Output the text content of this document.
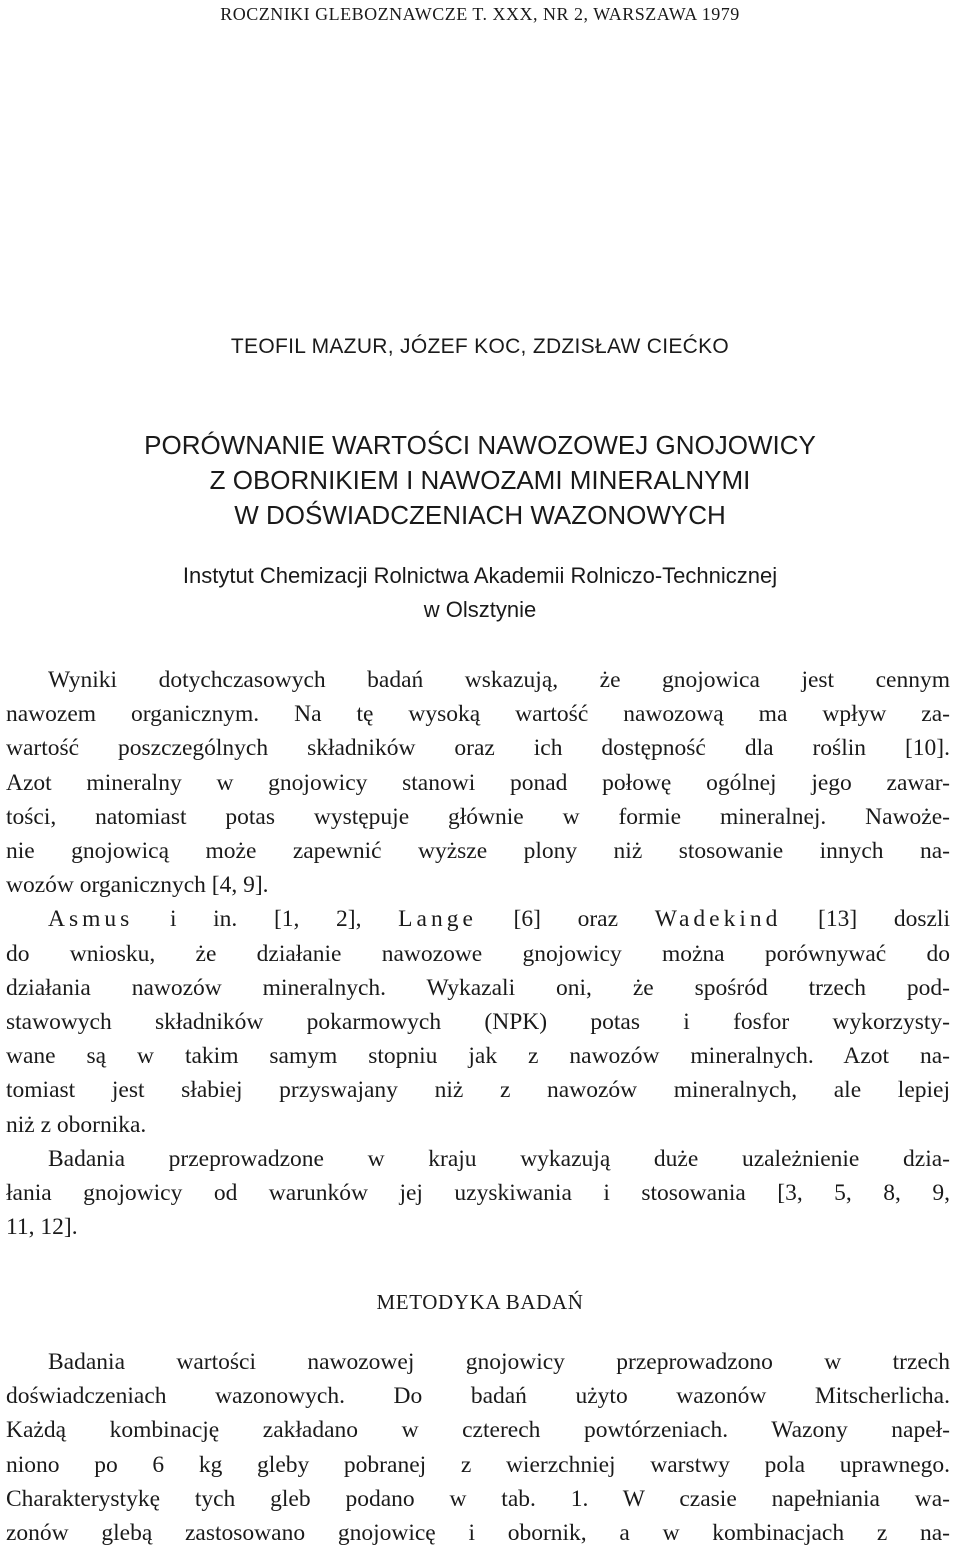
ROCZNIKI GLEBOZNAWCZE T. XXX, NR 2, WARSZAWA 1979
TEOFIL MAZUR, JÓZEF KOC, ZDZISŁAW CIEĆKO
PORÓWNANIE WARTOŚCI NAWOZOWEJ GNOJOWICY
Z OBORNIKIEM I NAWOZAMI MINERALNYMI
W DOŚWIADCZENIACH WAZONOWYCH
Instytut Chemizacji Rolnictwa Akademii Rolniczo-Technicznej
w Olsztynie
Wyniki dotychczasowych badań wskazują, że gnojowica jest cennym
nawozem organicznym. Na tę wysoką wartość nawozową ma wpływ za-
wartość poszczególnych składników oraz ich dostępność dla roślin [10].
Azot mineralny w gnojowicy stanowi ponad połowę ogólnej jego zawar-
tości, natomiast potas występuje głównie w formie mineralnej. Nawoże-
nie gnojowicą może zapewnić wyższe plony niż stosowanie innych na-
wozów organicznych [4, 9].
Asmus i in. [1, 2], Lange [6] oraz Wadekind [13] doszli
do wniosku, że działanie nawozowe gnojowicy można porównywać do
działania nawozów mineralnych. Wykazali oni, że spośród trzech pod-
stawowych składników pokarmowych (NPK) potas i fosfor wykorzysty-
wane są w takim samym stopniu jak z nawozów mineralnych. Azot na-
tomiast jest słabiej przyswajany niż z nawozów mineralnych, ale lepiej
niż z obornika.
Badania przeprowadzone w kraju wykazują duże uzależnienie dzia-
łania gnojowicy od warunków jej uzyskiwania i stosowania [3, 5, 8, 9,
11, 12].
METODYKA BADAŃ
Badania wartości nawozowej gnojowicy przeprowadzono w trzech
doświadczeniach wazonowych. Do badań użyto wazonów Mitscherlicha.
Każdą kombinację zakładano w czterech powtórzeniach. Wazony napeł-
niono po 6 kg gleby pobranej z wierzchniej warstwy pola uprawnego.
Charakterystykę tych gleb podano w tab. 1. W czasie napełniania wa-
zonów glebą zastosowano gnojowicę i obornik, a w kombinacjach z na-
